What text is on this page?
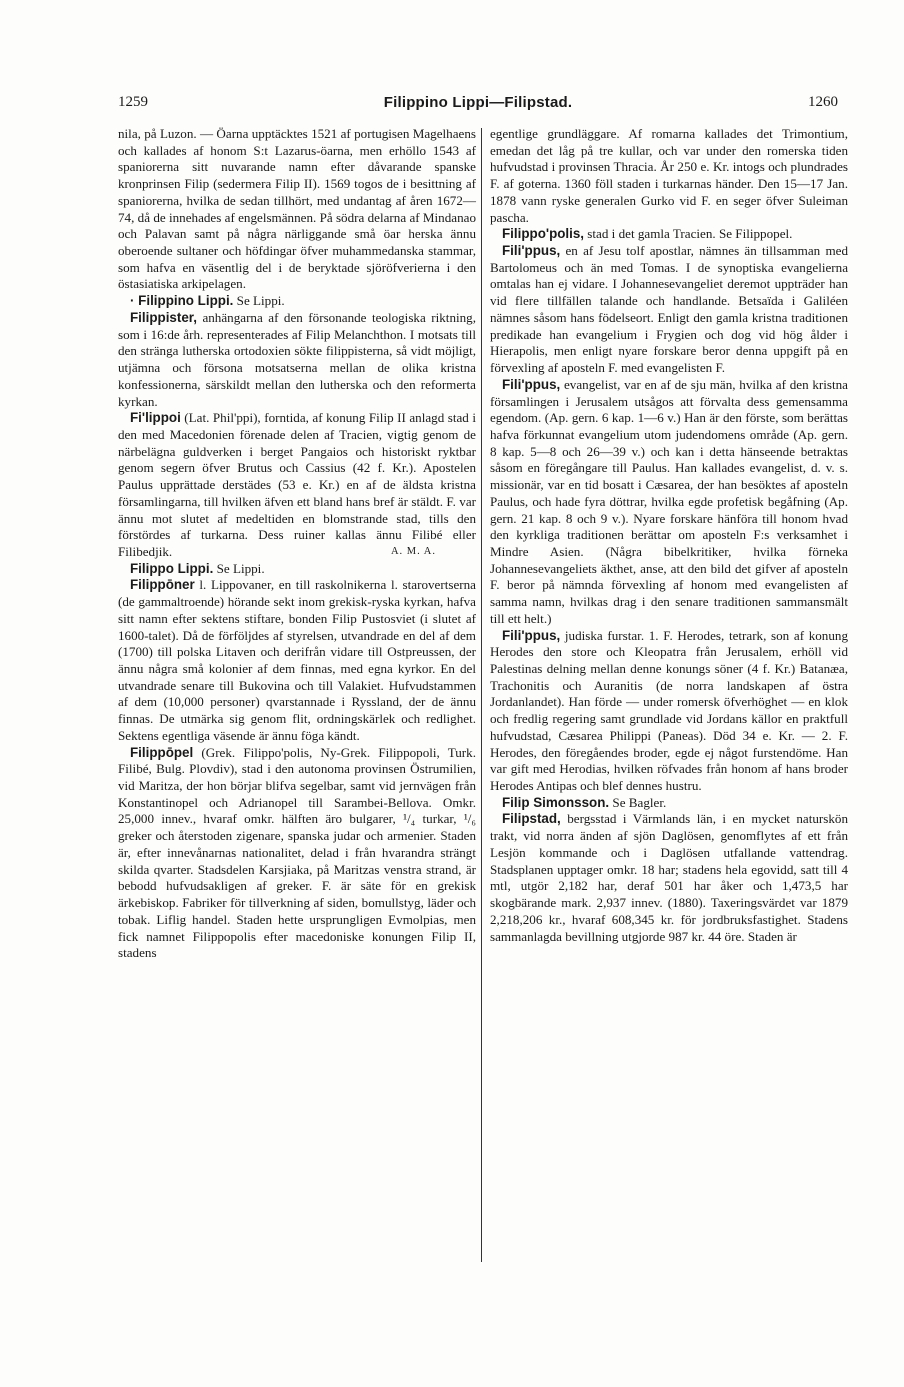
1259	Filippino Lippi—Filipstad.	1260

nila, på Luzon. — Öarna upptäcktes 1521 af portugisen Magelhaens och kallades af honom S:t Lazarus-öarna, men erhöllo 1543 af spaniorerna sitt nuvarande namn efter dåvarande spanske kronprinsen Filip (sedermera Filip II). 1569 togos de i besittning af spaniorerna, hvilka de sedan tillhört, med undantag af åren 1672—74, då de innehades af engelsmännen. På södra delarna af Mindanao och Palavan samt på några närliggande små öar herska ännu oberoende sultaner och höfdingar öfver muhammedanska stammar, som hafva en väsentlig del i de beryktade sjöröfverierna i den östasiatiska arkipelagen.

· Filippino Lippi. Se Lippi.

Filippister, anhängarna af den försonande teologiska riktning, som i 16:de årh. representerades af Filip Melanchthon. I motsats till den stränga lutherska ortodoxien sökte filippisterna, så vidt möjligt, utjämna och försona motsatserna mellan de olika kristna konfessionerna, särskildt mellan den lutherska och den reformerta kyrkan.

Fi'lippoi (Lat. Phil'ppi), forntida, af konung Filip II anlagd stad i den med Macedonien förenade delen af Tracien, vigtig genom de närbelägna guldverken i berget Pangaios och historiskt ryktbar genom segern öfver Brutus och Cassius (42 f. Kr.). Apostelen Paulus upprättade derstädes (53 e. Kr.) en af de äldsta kristna församlingarna, till hvilken äfven ett bland hans bref är stäldt. F. var ännu mot slutet af medeltiden en blomstrande stad, tills den förstördes af turkarna. Dess ruiner kallas ännu Filibé eller Filibedjik.	A. M. A.

Filippo Lippi. Se Lippi.

Filippōner l. Lippovaner, en till raskolnikerna l. starovertserna (de gammaltroende) hörande sekt inom grekisk-ryska kyrkan, hafva sitt namn efter sektens stiftare, bonden Filip Pustosviet (i slutet af 1600-talet). Då de förföljdes af styrelsen, utvandrade en del af dem (1700) till polska Litaven och derifrån vidare till Ostpreussen, der ännu några små kolonier af dem finnas, med egna kyrkor. En del utvandrade senare till Bukovina och till Valakiet. Hufvudstammen af dem (10,000 personer) qvarstannade i Ryssland, der de ännu finnas. De utmärka sig genom flit, ordningskärlek och redlighet. Sektens egentliga väsende är ännu föga kändt.

Filippōpel (Grek. Filippo'polis, Ny-Grek. Filippopoli, Turk. Filibé, Bulg. Plovdiv), stad i den autonoma provinsen Östrumilien, vid Maritza, der hon börjar blifva segelbar, samt vid jernvägen från Konstantinopel och Adrianopel till Sarambei-Bellova. Omkr. 25,000 innev., hvaraf omkr. hälften äro bulgarer, ¹/₄ turkar, ¹/₆ greker och återstoden zigenare, spanska judar och armenier. Staden är, efter innevånarnas nationalitet, delad i från hvarandra strängt skilda qvarter. Stadsdelen Karsjiaka, på Maritzas venstra strand, är bebodd hufvudsakligen af greker. F. är säte för en grekisk ärkebiskop. Fabriker för tillverkning af siden, bomullstyg, läder och tobak. Liflig handel. Staden hette ursprungligen Evmolpias, men fick namnet Filippopolis efter macedoniske konungen Filip II, stadens

egentlige grundläggare. Af romarna kallades det Trimontium, emedan det låg på tre kullar, och var under den romerska tiden hufvudstad i provinsen Thracia. År 250 e. Kr. intogs och plundrades F. af goterna. 1360 föll staden i turkarnas händer. Den 15—17 Jan. 1878 vann ryske generalen Gurko vid F. en seger öfver Suleiman pascha.

Filippo'polis, stad i det gamla Tracien. Se Filippopel.

Fili'ppus, en af Jesu tolf apostlar, nämnes än tillsamman med Bartolomeus och än med Tomas. I de synoptiska evangelierna omtalas han ej vidare. I Johannesevangeliet deremot uppträder han vid flere tillfällen talande och handlande. Betsaïda i Galiléen nämnes såsom hans födelseort. Enligt den gamla kristna traditionen predikade han evangelium i Frygien och dog vid hög ålder i Hierapolis, men enligt nyare forskare beror denna uppgift på en förvexling af aposteln F. med evangelisten F.

Fili'ppus, evangelist, var en af de sju män, hvilka af den kristna församlingen i Jerusalem utsågos att förvalta dess gemensamma egendom. (Ap. gern. 6 kap. 1—6 v.) Han är den förste, som berättas hafva förkunnat evangelium utom judendomens område (Ap. gern. 8 kap. 5—8 och 26—39 v.) och kan i detta hänseende betraktas såsom en föregångare till Paulus. Han kallades evangelist, d. v. s. missionär, var en tid bosatt i Cæsarea, der han besöktes af aposteln Paulus, och hade fyra döttrar, hvilka egde profetisk begåfning (Ap. gern. 21 kap. 8 och 9 v.). Nyare forskare hänföra till honom hvad den kyrkliga traditionen berättar om aposteln F:s verksamhet i Mindre Asien. (Några bibelkritiker, hvilka förneka Johannesevangeliets äkthet, anse, att den bild det gifver af aposteln F. beror på nämnda förvexling af honom med evangelisten af samma namn, hvilkas drag i den senare traditionen sammansmält till ett helt.)

Fili'ppus, judiska furstar. 1. F. Herodes, tetrark, son af konung Herodes den store och Kleopatra från Jerusalem, erhöll vid Palestinas delning mellan denne konungs söner (4 f. Kr.) Batanæa, Trachonitis och Auranitis (de norra landskapen af östra Jordanlandet). Han förde — under romersk öfverhöghet — en klok och fredlig regering samt grundlade vid Jordans källor en praktfull hufvudstad, Cæsarea Philippi (Paneas). Död 34 e. Kr. — 2. F. Herodes, den föregåendes broder, egde ej något furstendöme. Han var gift med Herodias, hvilken röfvades från honom af hans broder Herodes Antipas och blef dennes hustru.

Filip Simonsson. Se Bagler.

Filipstad, bergsstad i Värmlands län, i en mycket naturskön trakt, vid norra änden af sjön Daglösen, genomflytes af ett från Lesjön kommande och i Daglösen utfallande vattendrag. Stadsplanen upptager omkr. 18 har; stadens hela egovidd, satt till 4 mtl, utgör 2,182 har, deraf 501 har åker och 1,473,5 har skogbärande mark. 2,937 innev. (1880). Taxeringsvärdet var 1879 2,218,206 kr., hvaraf 608,345 kr. för jordbruksfastighet. Stadens sammanlagda bevillning utgjorde 987 kr. 44 öre. Staden är
